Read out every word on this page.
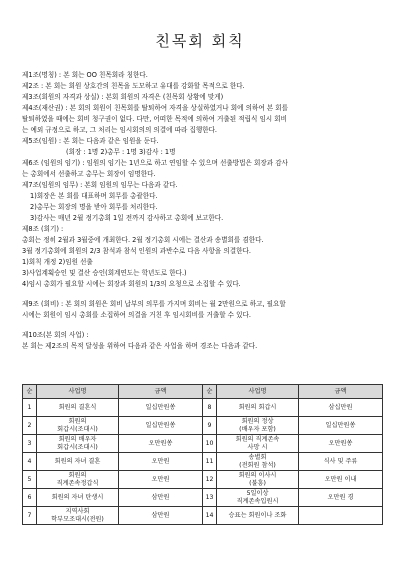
친목회 회칙
제1조(명칭) : 본 회는 OO 친목회라 칭한다.
제2조 : 본 회는 회원 상호간의 친목을 도모하고 유대를 강화할 목적으로 한다.
제3조(회원의 자격과 상실) : 본회 회원의 자격은 (친목회 상황에 맞게)
제4조(재산권) : 본 회의 회원이 친목회를 탈퇴하여 자격을 상실하였거나 회에 의하여 본 회를
탈퇴하였을 때에는 회비 청구권이 없다. 다만, 어떠한 목적에 의하여 거출된 적립식 임시 회비
는 예외 규정으로 하고, 그 처리는 임시회의의 의결에 따라 집행한다.
제5조(임원) : 본 회는 다음과 같은 임원을 둔다.
(회장 : 1명 2)총무 : 1명 3)감사 : 1명
제6조 (임원의 임기) : 임원의 임기는 1년으로 하고 연임할 수 있으며 선출방법은 회장과 감사
는 총회에서 선출하고 총무는 회장이 임명한다.
제7조(임원의 임무) : 본회 임원의 임무는 다음과 같다.
1)회장은 본 회를 대표하며 회무를 총괄한다.
2)총무는 회장의 명을 받아 회무를 처리한다.
3)감사는 매년 2월 정기총회 1일 전까지 감사하고 총회에 보고한다.
제8조 (회기) :
총회는 정히 2월과 3월중에 개최한다. 2월 정기총회 시에는 결산과 송별회를 겸한다.
3월 정기총회에 회원의 2/3 참석과 참석 인원의 과반수로 다음 사항을 의결한다.
1)회칙 개정 2)임원 선출
3)사업계획승인 및 결산 승인(회계연도는 학년도로 한다.)
4)임시 총회가 필요할 시에는 회장과 회원의 1/3의 요청으로 소집할 수 있다.
제9조 (회비) : 본 회의 회원은 회비 납부의 의무를 가지며 회비는 월 2만원으로 하고, 필요할
시에는 회원이 임시 총회를 소집하여 의결을 거친 후 임시회비를 거출할 수 있다.
제10조(본 회의 사업) :
본 회는 제2조의 목적 달성을 위하여 다음과 같은 사업을 하며 경조는 다음과 같다.
순	사업명	금액	순	사업명	금액
1	회원의 결혼식	일십만원쏭	8	회원의 회갑시	삼십만원
2	회원의
회갑시(조대시)	일십만원쏭	9	회원의 정상
(배우자 포함)	일십만원쏭
3	회원의 배우자
회갑시(조대시)	오만원쏭	10	회원의 직계존속
사망 시	오만원쏭
4	회원의 자녀 결혼	오만원	11	송별회
(전회원 참석)	식사 및 주류
5	회원의
직계존속정갑식	오만원	12	회원의 이사시
(불흥)	오만원 이내
6	회원의 자녀 탄생시	삼만원	13	5일이상
직계존속입원시	오만원 경
7	지역사회
학부모조대시(전원)	삼만원	14	승표는 회원이나 조화	
